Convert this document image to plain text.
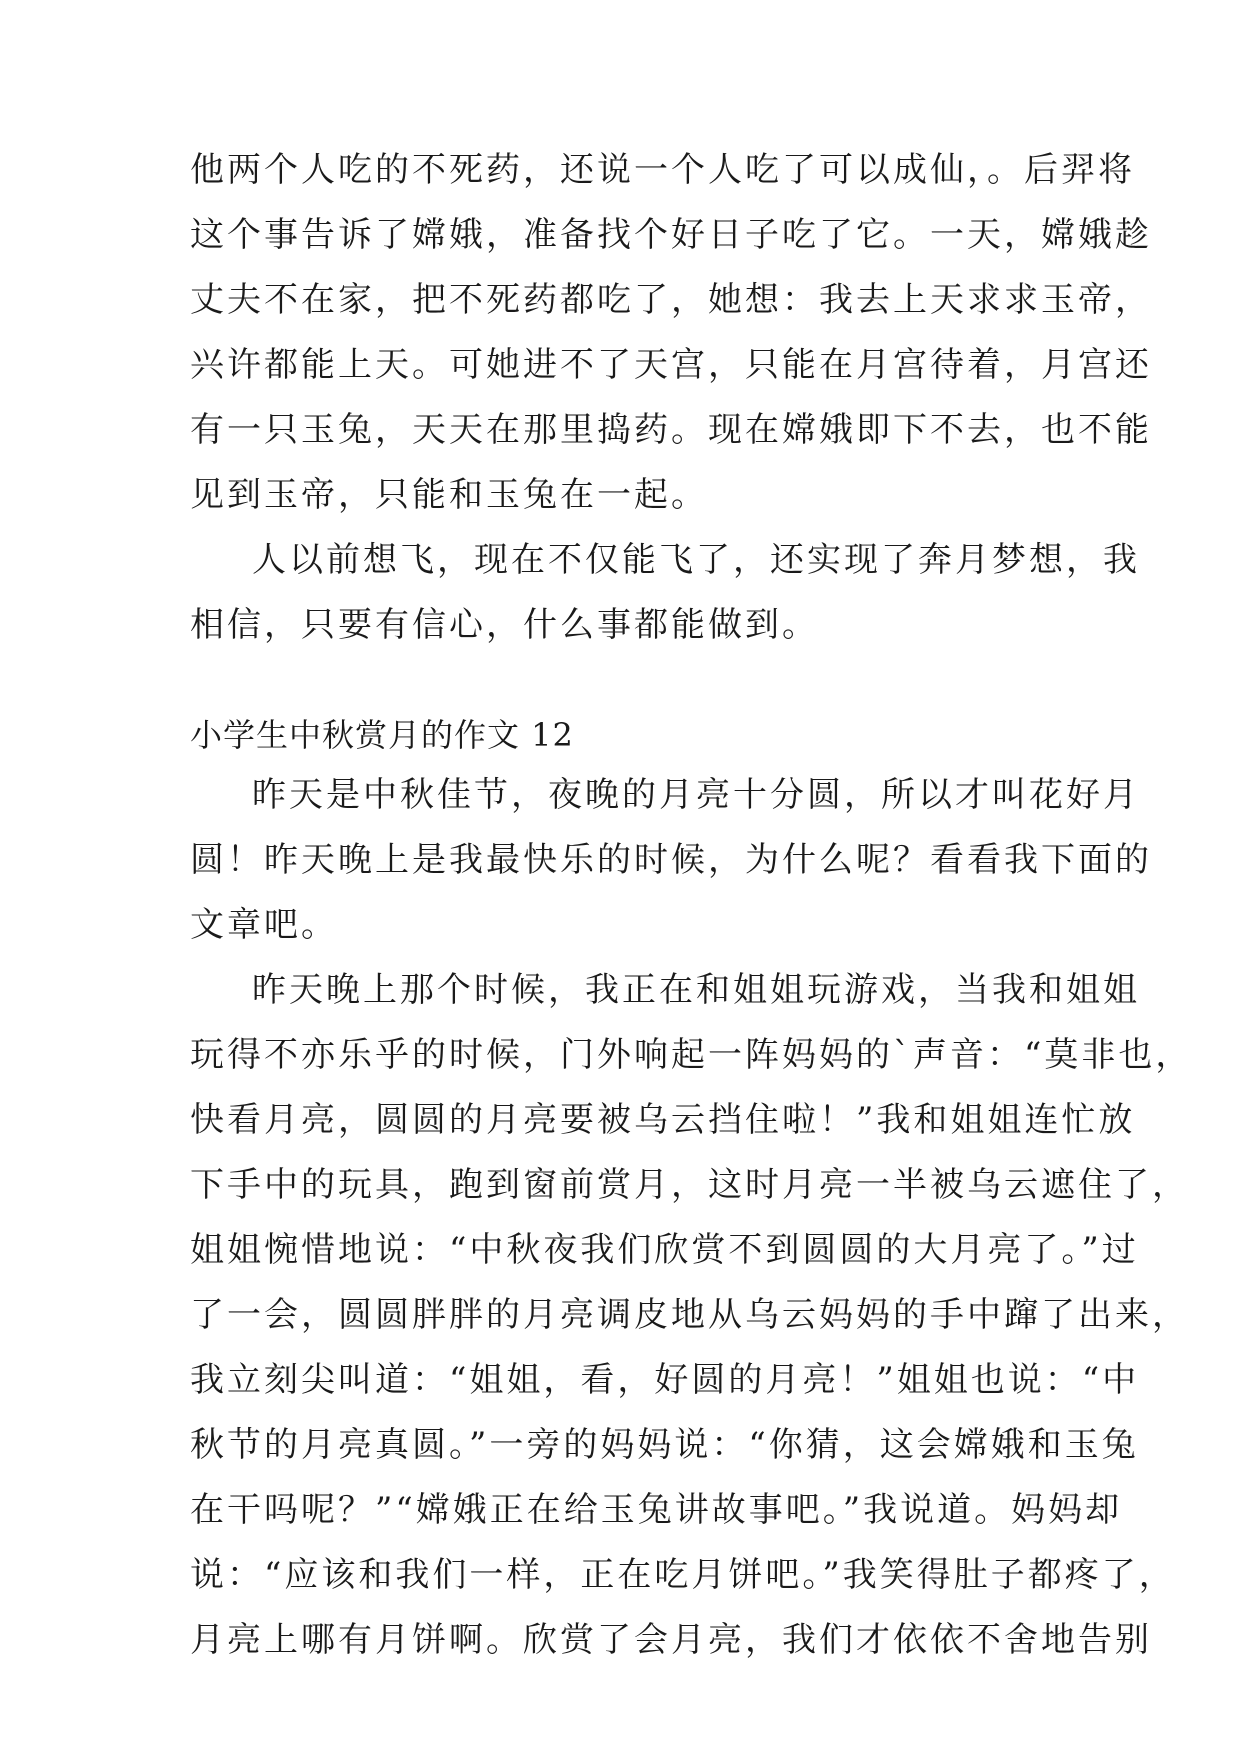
他两个人吃的不死药，还说一个人吃了可以成仙，。后羿将
这个事告诉了嫦娥，准备找个好日子吃了它。一天，嫦娥趁
丈夫不在家，把不死药都吃了，她想：我去上天求求玉帝，
兴许都能上天。可她进不了天宫，只能在月宫待着，月宫还
有一只玉兔，天天在那里捣药。现在嫦娥即下不去，也不能
见到玉帝，只能和玉兔在一起。
人以前想飞，现在不仅能飞了，还实现了奔月梦想，我
相信，只要有信心，什么事都能做到。
小学生中秋赏月的作文 12
昨天是中秋佳节，夜晚的月亮十分圆，所以才叫花好月
圆！昨天晚上是我最快乐的时候，为什么呢？看看我下面的
文章吧。
昨天晚上那个时候，我正在和姐姐玩游戏，当我和姐姐
玩得不亦乐乎的时候，门外响起一阵妈妈的`声音：“莫非也，
快看月亮，圆圆的月亮要被乌云挡住啦！”我和姐姐连忙放
下手中的玩具，跑到窗前赏月，这时月亮一半被乌云遮住了，
姐姐惋惜地说：“中秋夜我们欣赏不到圆圆的大月亮了。”过
了一会，圆圆胖胖的月亮调皮地从乌云妈妈的手中蹿了出来，
我立刻尖叫道：“姐姐，看，好圆的月亮！”姐姐也说：“中
秋节的月亮真圆。”一旁的妈妈说：“你猜，这会嫦娥和玉兔
在干吗呢？”“嫦娥正在给玉兔讲故事吧。”我说道。妈妈却
说：“应该和我们一样，正在吃月饼吧。”我笑得肚子都疼了，
月亮上哪有月饼啊。欣赏了会月亮，我们才依依不舍地告别
